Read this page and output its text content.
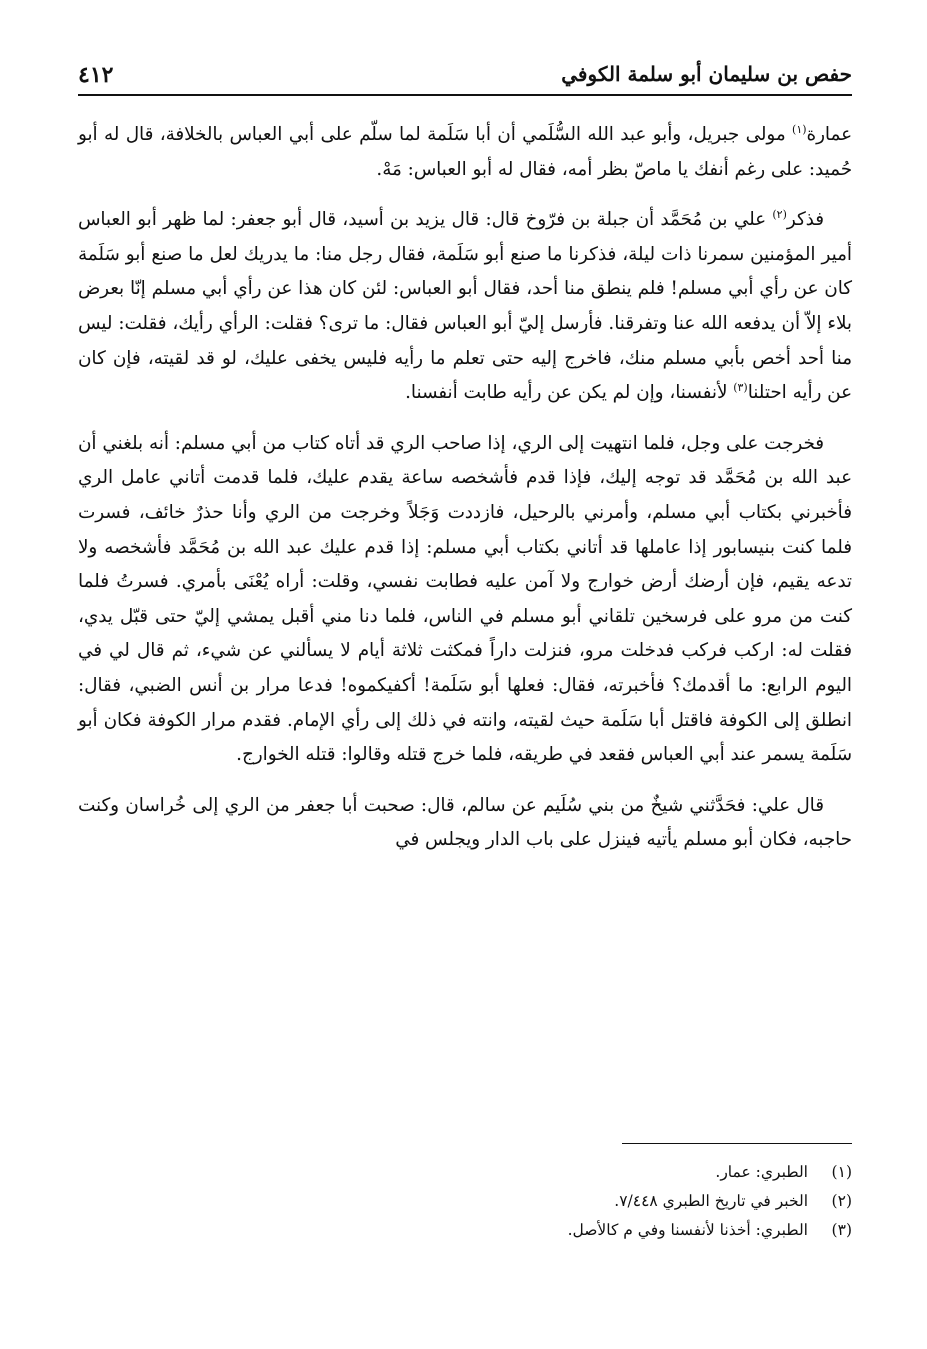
حفص بن سليمان أبو سلمة الكوفي
٤١٢

عمارة$^{(١)}$ مولى جبريل، وأبو عبد الله السُّلَمي أن أبا سَلَمة لما سلّم على أبي العباس بالخلافة، قال له أبو حُميد: على رغم أنفك يا ماصّ بظر أمه، فقال له أبو العباس: مَهْ.

فذكر$^{(٢)}$ علي بن مُحَمَّد أن جبلة بن فرّوخ قال: قال يزيد بن أسيد، قال أبو جعفر: لما ظهر أبو العباس أمير المؤمنين سمرنا ذات ليلة، فذكرنا ما صنع أبو سَلَمة، فقال رجل منا: ما يدريك لعل ما صنع أبو سَلَمة كان عن رأي أبي مسلم! فلم ينطق منا أحد، فقال أبو العباس: لئن كان هذا عن رأي أبي مسلم إنّا بعرض بلاء إلاّ أن يدفعه الله عنا وتفرقنا. فأرسل إليّ أبو العباس فقال: ما ترى؟ فقلت: الرأي رأيك، فقلت: ليس منا أحد أخص بأبي مسلم منك، فاخرج إليه حتى تعلم ما رأيه فليس يخفى عليك، لو قد لقيته، فإن كان عن رأيه احتلنا$^{(٣)}$ لأنفسنا، وإن لم يكن عن رأيه طابت أنفسنا.

فخرجت على وجل، فلما انتهيت إلى الري، إذا صاحب الري قد أتاه كتاب من أبي مسلم: أنه بلغني أن عبد الله بن مُحَمَّد قد توجه إليك، فإذا قدم فأشخصه ساعة يقدم عليك، فلما قدمت أتاني عامل الري فأخبرني بكتاب أبي مسلم، وأمرني بالرحيل، فازددت وَجَلاً وخرجت من الري وأنا حذرٌ خائف، فسرت فلما كنت بنيسابور إذا عاملها قد أتاني بكتاب أبي مسلم: إذا قدم عليك عبد الله بن مُحَمَّد فأشخصه ولا تدعه يقيم، فإن أرضك أرض خوارج ولا آمن عليه فطابت نفسي، وقلت: أراه يُعْنَى بأمري. فسرتُ فلما كنت من مرو على فرسخين تلقاني أبو مسلم في الناس، فلما دنا مني أقبل يمشي إليّ حتى قبّل يدي، فقلت له: اركب فركب فدخلت مرو، فنزلت داراً فمكثت ثلاثة أيام لا يسألني عن شيء، ثم قال لي في اليوم الرابع: ما أقدمك؟ فأخبرته، فقال: فعلها أبو سَلَمة! أكفيكموه! فدعا مرار بن أنس الضبي، فقال: انطلق إلى الكوفة فاقتل أبا سَلَمة حيث لقيته، وانته في ذلك إلى رأي الإمام. فقدم مرار الكوفة فكان أبو سَلَمة يسمر عند أبي العباس فقعد في طريقه، فلما خرج قتله وقالوا: قتله الخوارج.

قال علي: فحَدَّثني شيخٌ من بني سُلَيم عن سالم، قال: صحبت أبا جعفر من الري إلى خُراسان وكنت حاجبه، فكان أبو مسلم يأتيه فينزل على باب الدار ويجلس في

(١)
الطبري: عمار.
(٢)
الخبر في تاريخ الطبري ٧/٤٤٨.
(٣)
الطبري: أخذنا لأنفسنا وفي م كالأصل.
